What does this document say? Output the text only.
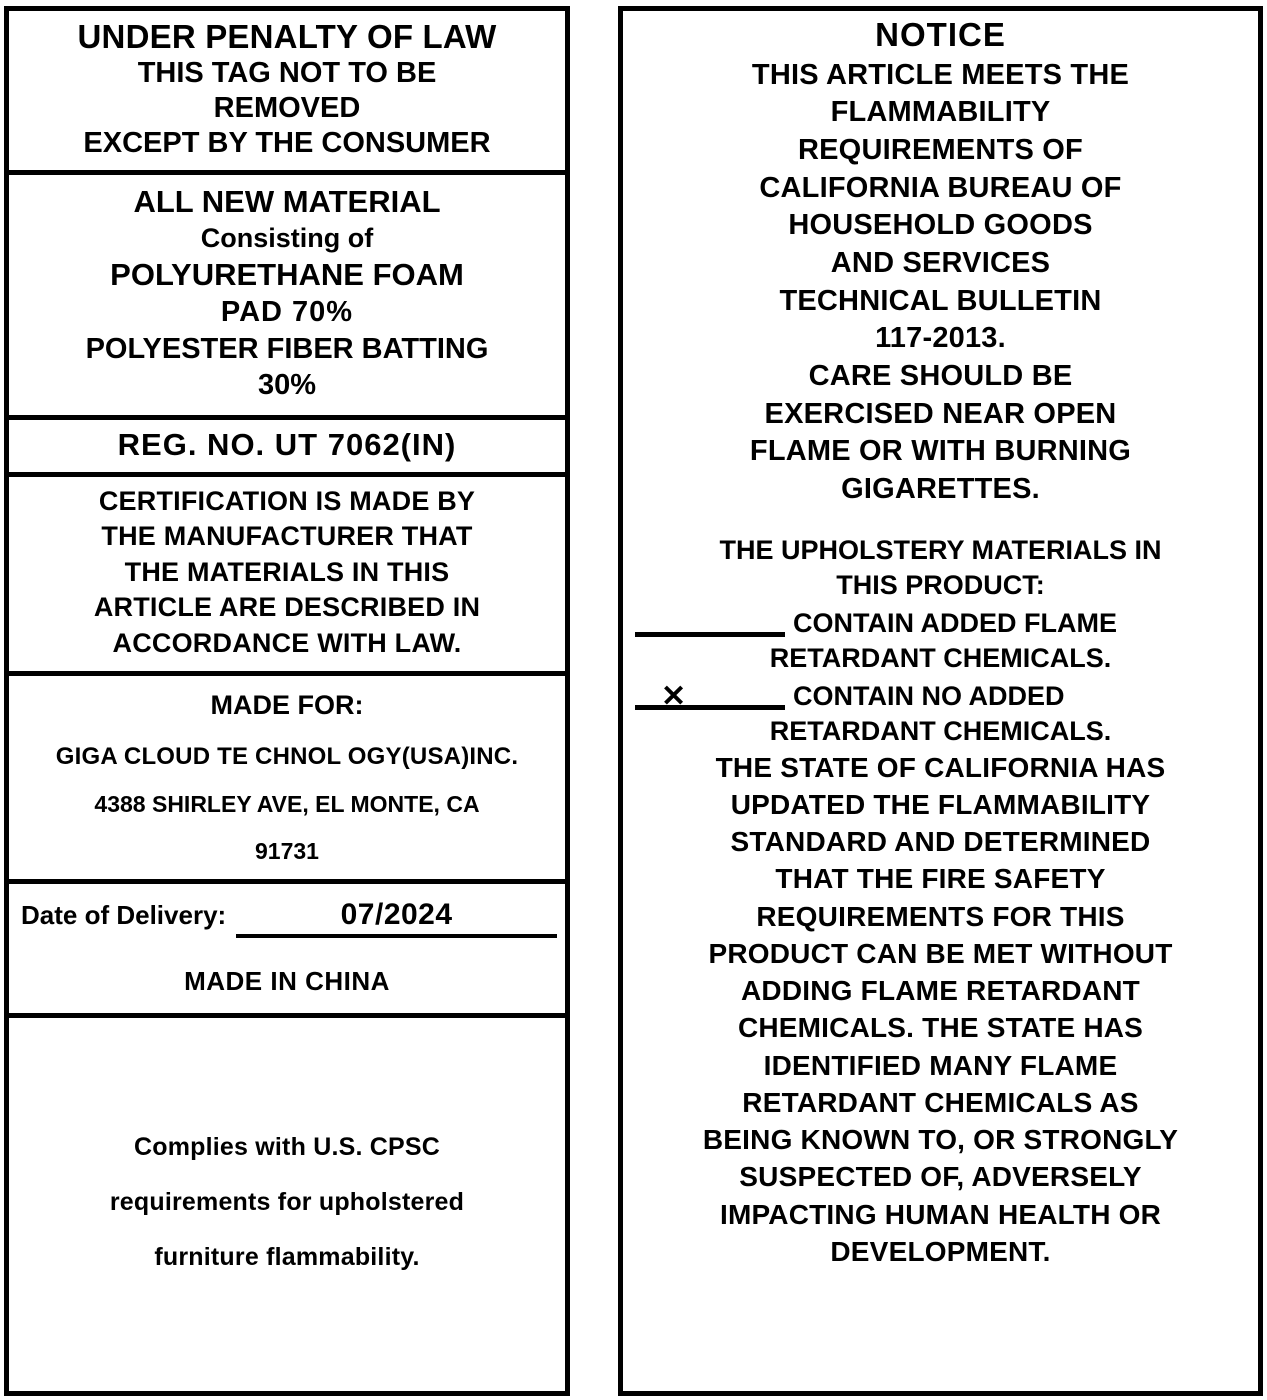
UNDER PENALTY OF LAW
THIS TAG NOT TO BE
REMOVED
EXCEPT BY THE CONSUMER
ALL NEW MATERIAL
Consisting of
POLYURETHANE FOAM
PAD 70%
POLYESTER FIBER BATTING
30%
REG. NO. UT 7062(IN)
CERTIFICATION IS MADE BY
THE MANUFACTURER THAT
THE MATERIALS IN THIS
ARTICLE ARE DESCRIBED IN
ACCORDANCE WITH LAW.
MADE FOR:
GIGA CLOUD TE CHNOL OGY(USA)INC.
4388 SHIRLEY AVE, EL MONTE, CA
91731
Date of Delivery:	07/2024
MADE IN CHINA
Complies with U.S. CPSC
requirements for upholstered
furniture flammability.
NOTICE
THIS ARTICLE MEETS THE
FLAMMABILITY
REQUIREMENTS OF
CALIFORNIA BUREAU OF
HOUSEHOLD GOODS
AND SERVICES
TECHNICAL BULLETIN
117-2013.
CARE SHOULD BE
EXERCISED NEAR OPEN
FLAME OR WITH BURNING
GIGARETTES.
THE UPHOLSTERY MATERIALS IN
THIS PRODUCT:
CONTAIN ADDED FLAME
RETARDANT CHEMICALS.
✕	CONTAIN NO ADDED
RETARDANT CHEMICALS.
THE STATE OF CALIFORNIA HAS
UPDATED THE FLAMMABILITY
STANDARD AND DETERMINED
THAT THE FIRE SAFETY
REQUIREMENTS FOR THIS
PRODUCT CAN BE MET WITHOUT
ADDING FLAME RETARDANT
CHEMICALS. THE STATE HAS
IDENTIFIED MANY FLAME
RETARDANT CHEMICALS AS
BEING KNOWN TO, OR STRONGLY
SUSPECTED OF, ADVERSELY
IMPACTING HUMAN HEALTH OR
DEVELOPMENT.
